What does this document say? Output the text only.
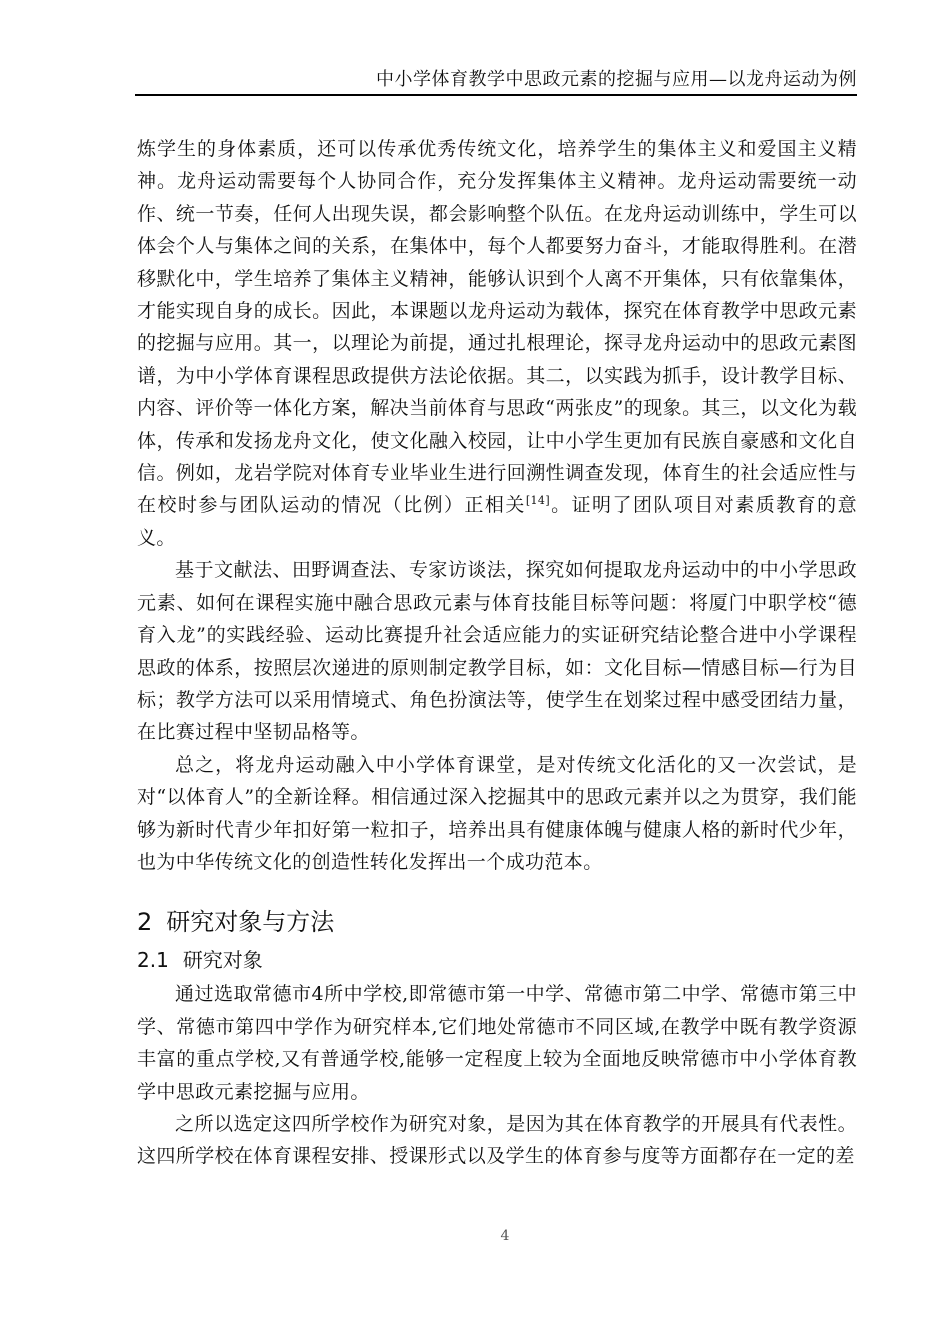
中小学体育教学中思政元素的挖掘与应用—以龙舟运动为例

炼学生的身体素质，还可以传承优秀传统文化，培养学生的集体主义和爱国主义精神。龙舟运动需要每个人协同合作，充分发挥集体主义精神。龙舟运动需要统一动作、统一节奏，任何人出现失误，都会影响整个队伍。在龙舟运动训练中，学生可以体会个人与集体之间的关系，在集体中，每个人都要努力奋斗，才能取得胜利。在潜移默化中，学生培养了集体主义精神，能够认识到个人离不开集体，只有依靠集体，才能实现自身的成长。因此，本课题以龙舟运动为载体，探究在体育教学中思政元素的挖掘与应用。其一，以理论为前提，通过扎根理论，探寻龙舟运动中的思政元素图谱，为中小学体育课程思政提供方法论依据。其二，以实践为抓手，设计教学目标、内容、评价等一体化方案，解决当前体育与思政“两张皮”的现象。其三，以文化为载体，传承和发扬龙舟文化，使文化融入校园，让中小学生更加有民族自豪感和文化自信。例如，龙岩学院对体育专业毕业生进行回溯性调查发现，体育生的社会适应性与在校时参与团队运动的情况（比例）正相关[14]。证明了团队项目对素质教育的意义。

基于文献法、田野调查法、专家访谈法，探究如何提取龙舟运动中的中小学思政元素、如何在课程实施中融合思政元素与体育技能目标等问题：将厦门中职学校“德育入龙”的实践经验、运动比赛提升社会适应能力的实证研究结论整合进中小学课程思政的体系，按照层次递进的原则制定教学目标，如：文化目标—情感目标—行为目标；教学方法可以采用情境式、角色扮演法等，使学生在划桨过程中感受团结力量，在比赛过程中坚韧品格等。

总之，将龙舟运动融入中小学体育课堂，是对传统文化活化的又一次尝试，是对“以体育人”的全新诠释。相信通过深入挖掘其中的思政元素并以之为贯穿，我们能够为新时代青少年扣好第一粒扣子，培养出具有健康体魄与健康人格的新时代少年，也为中华传统文化的创造性转化发挥出一个成功范本。

2 研究对象与方法
2.1 研究对象

通过选取常德市4所中学校,即常德市第一中学、常德市第二中学、常德市第三中学、常德市第四中学作为研究样本,它们地处常德市不同区域,在教学中既有教学资源丰富的重点学校,又有普通学校,能够一定程度上较为全面地反映常德市中小学体育教学中思政元素挖掘与应用。

之所以选定这四所学校作为研究对象，是因为其在体育教学的开展具有代表性。这四所学校在体育课程安排、授课形式以及学生的体育参与度等方面都存在一定的差

4
